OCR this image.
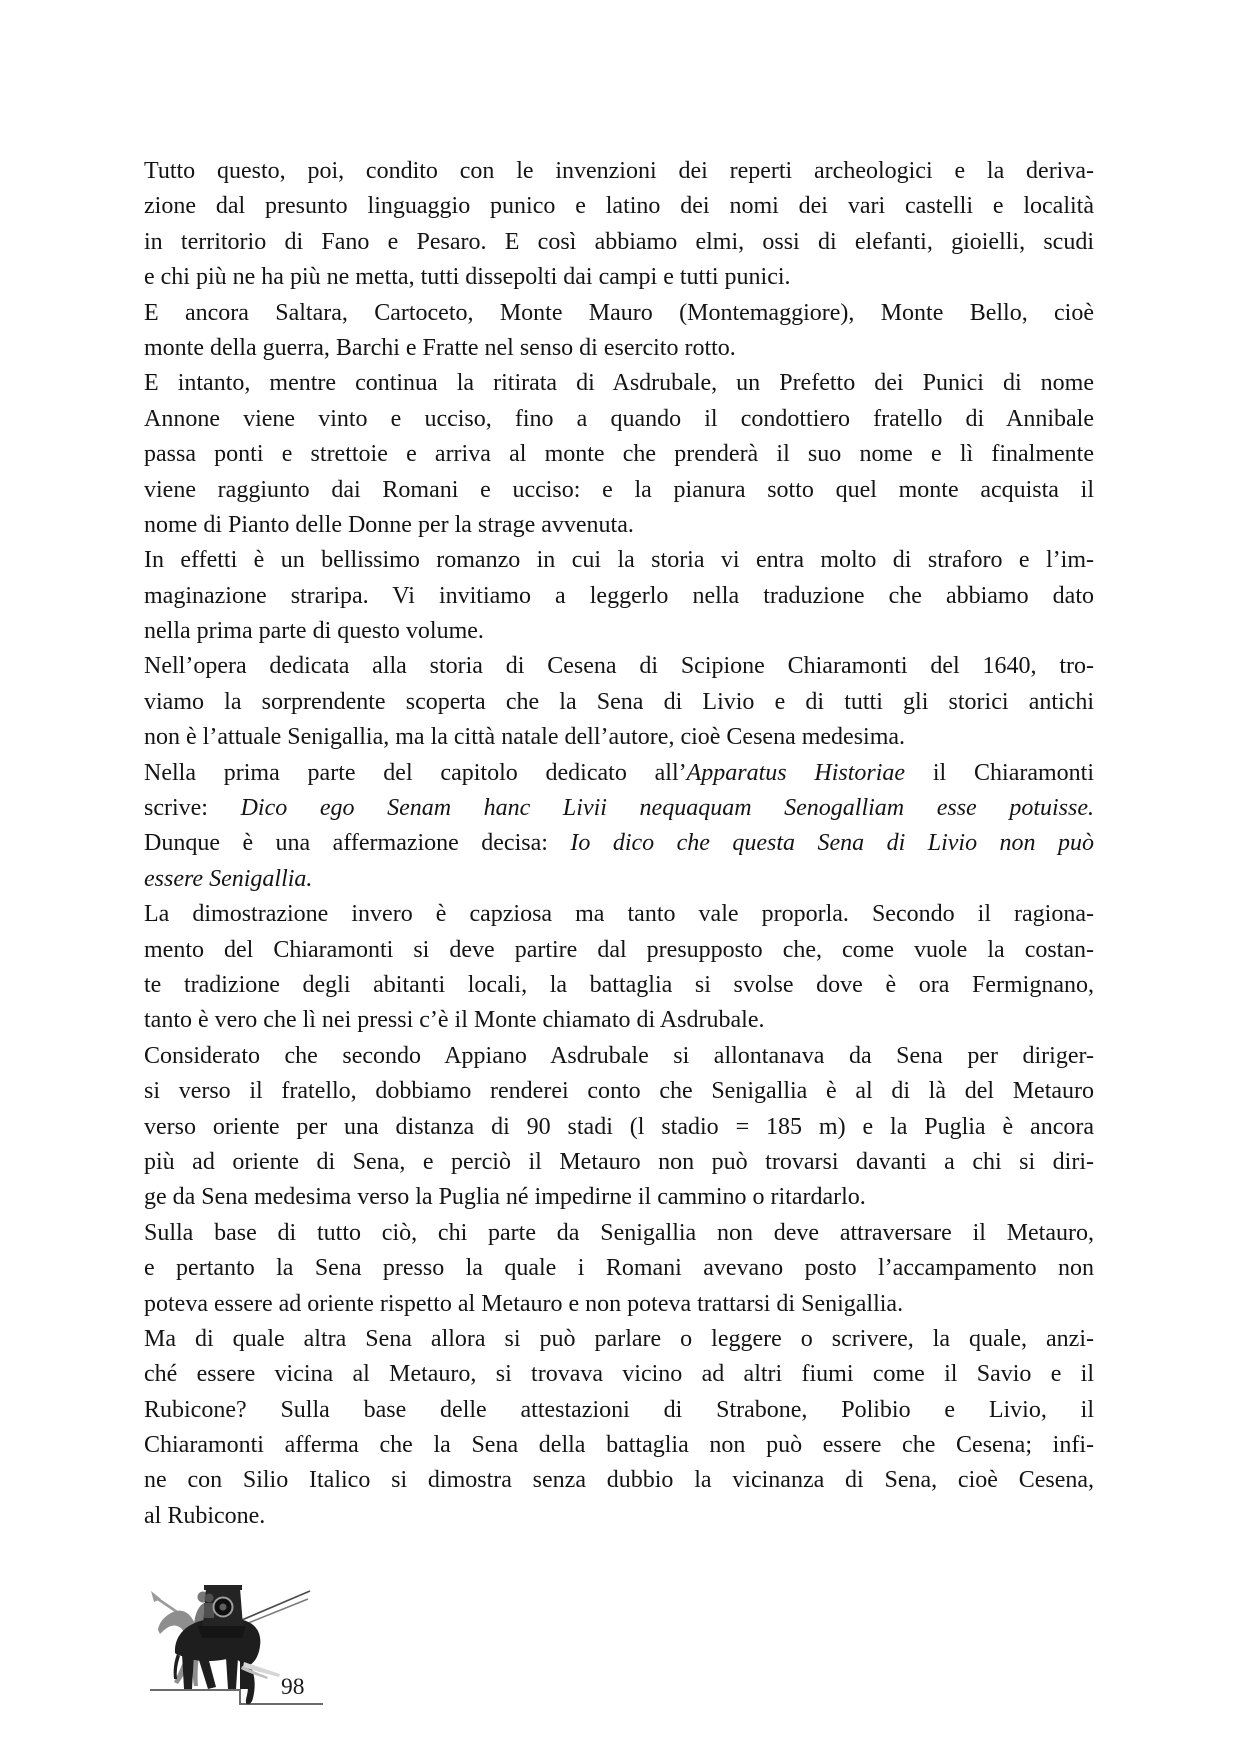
Tutto questo, poi, condito con le invenzioni dei reperti archeologici e la deriva-
zione dal presunto linguaggio punico e latino dei nomi dei vari castelli e località
in territorio di Fano e Pesaro. E così abbiamo elmi, ossi di elefanti, gioielli, scudi
e chi più ne ha più ne metta, tutti dissepolti dai campi e tutti punici.
E ancora Saltara, Cartoceto, Monte Mauro (Montemaggiore), Monte Bello, cioè
monte della guerra, Barchi e Fratte nel senso di esercito rotto.
E intanto, mentre continua la ritirata di Asdrubale, un Prefetto dei Punici di nome
Annone viene vinto e ucciso, fino a quando il condottiero fratello di Annibale
passa ponti e strettoie e arriva al monte che prenderà il suo nome e lì finalmente
viene raggiunto dai Romani e ucciso: e la pianura sotto quel monte acquista il
nome di Pianto delle Donne per la strage avvenuta.
In effetti è un bellissimo romanzo in cui la storia vi entra molto di straforo e l’im-
maginazione straripa. Vi invitiamo a leggerlo nella traduzione che abbiamo dato
nella prima parte di questo volume.
Nell’opera dedicata alla storia di Cesena di Scipione Chiaramonti del 1640, tro-
viamo la sorprendente scoperta che la Sena di Livio e di tutti gli storici antichi
non è l’attuale Senigallia, ma la città natale dell’autore, cioè Cesena medesima.
Nella prima parte del capitolo dedicato all’Apparatus Historiae il Chiaramonti
scrive: Dico ego Senam hanc Livii nequaquam Senogalliam esse potuisse.
Dunque è una affermazione decisa: Io dico che questa Sena di Livio non può
essere Senigallia.
La dimostrazione invero è capziosa ma tanto vale proporla. Secondo il ragiona-
mento del Chiaramonti si deve partire dal presupposto che, come vuole la costan-
te tradizione degli abitanti locali, la battaglia si svolse dove è ora Fermignano,
tanto è vero che lì nei pressi c’è il Monte chiamato di Asdrubale.
Considerato che secondo Appiano Asdrubale si allontanava da Sena per diriger-
si verso il fratello, dobbiamo renderei conto che Senigallia è al di là del Metauro
verso oriente per una distanza di 90 stadi (l stadio = 185 m) e la Puglia è ancora
più ad oriente di Sena, e perciò il Metauro non può trovarsi davanti a chi si diri-
ge da Sena medesima verso la Puglia né impedirne il cammino o ritardarlo.
Sulla base di tutto ciò, chi parte da Senigallia non deve attraversare il Metauro,
e pertanto la Sena presso la quale i Romani avevano posto l’accampamento non
poteva essere ad oriente rispetto al Metauro e non poteva trattarsi di Senigallia.
Ma di quale altra Sena allora si può parlare o leggere o scrivere, la quale, anzi-
ché essere vicina al Metauro, si trovava vicino ad altri fiumi come il Savio e il
Rubicone? Sulla base delle attestazioni di Strabone, Polibio e Livio, il
Chiaramonti afferma che la Sena della battaglia non può essere che Cesena; infi-
ne con Silio Italico si dimostra senza dubbio la vicinanza di Sena, cioè Cesena,
al Rubicone.
98
